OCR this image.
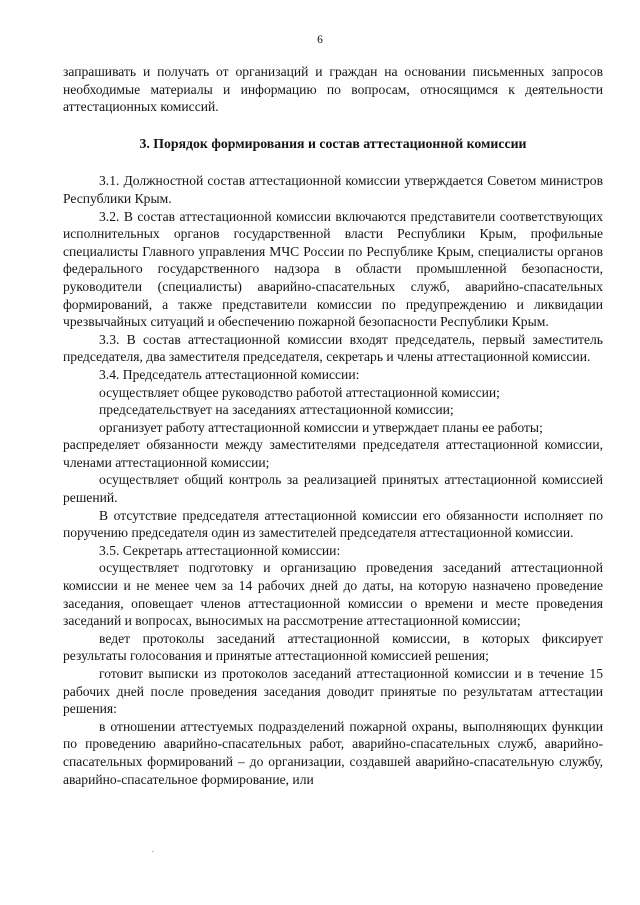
6

запрашивать и получать от организаций и граждан на основании письменных запросов необходимые материалы и информацию по вопросам, относящимся к деятельности аттестационных комиссий.

3. Порядок формирования и состав аттестационной комиссии

3.1. Должностной состав аттестационной комиссии утверждается Советом министров Республики Крым.

3.2. В состав аттестационной комиссии включаются представители соответствующих исполнительных органов государственной власти Республики Крым, профильные специалисты Главного управления МЧС России по Республике Крым, специалисты органов федерального государственного надзора в области промышленной безопасности, руководители (специалисты) аварийно-спасательных служб, аварийно-спасательных формирований, а также представители комиссии по предупреждению и ликвидации чрезвычайных ситуаций и обеспечению пожарной безопасности Республики Крым.

3.3. В состав аттестационной комиссии входят председатель, первый заместитель председателя, два заместителя председателя, секретарь и члены аттестационной комиссии.

3.4. Председатель аттестационной комиссии:

осуществляет общее руководство работой аттестационной комиссии;

председательствует на заседаниях аттестационной комиссии;

организует работу аттестационной комиссии и утверждает планы ее работы;

распределяет обязанности между заместителями председателя аттестационной комиссии, членами аттестационной комиссии;

осуществляет общий контроль за реализацией принятых аттестационной комиссией решений.

В отсутствие председателя аттестационной комиссии его обязанности исполняет по поручению председателя один из заместителей председателя аттестационной комиссии.

3.5. Секретарь аттестационной комиссии:

осуществляет подготовку и организацию проведения заседаний аттестационной комиссии и не менее чем за 14 рабочих дней до даты, на которую назначено проведение заседания, оповещает членов аттестационной комиссии о времени и месте проведения заседаний и вопросах, выносимых на рассмотрение аттестационной комиссии;

ведет протоколы заседаний аттестационной комиссии, в которых фиксирует результаты голосования и принятые аттестационной комиссией решения;

готовит выписки из протоколов заседаний аттестационной комиссии и в течение 15 рабочих дней после проведения заседания доводит принятые по результатам аттестации решения:

в отношении аттестуемых подразделений пожарной охраны, выполняющих функции по проведению аварийно-спасательных работ, аварийно-спасательных служб, аварийно-спасательных формирований – до организации, создавшей аварийно-спасательную службу, аварийно-спасательное формирование, или
